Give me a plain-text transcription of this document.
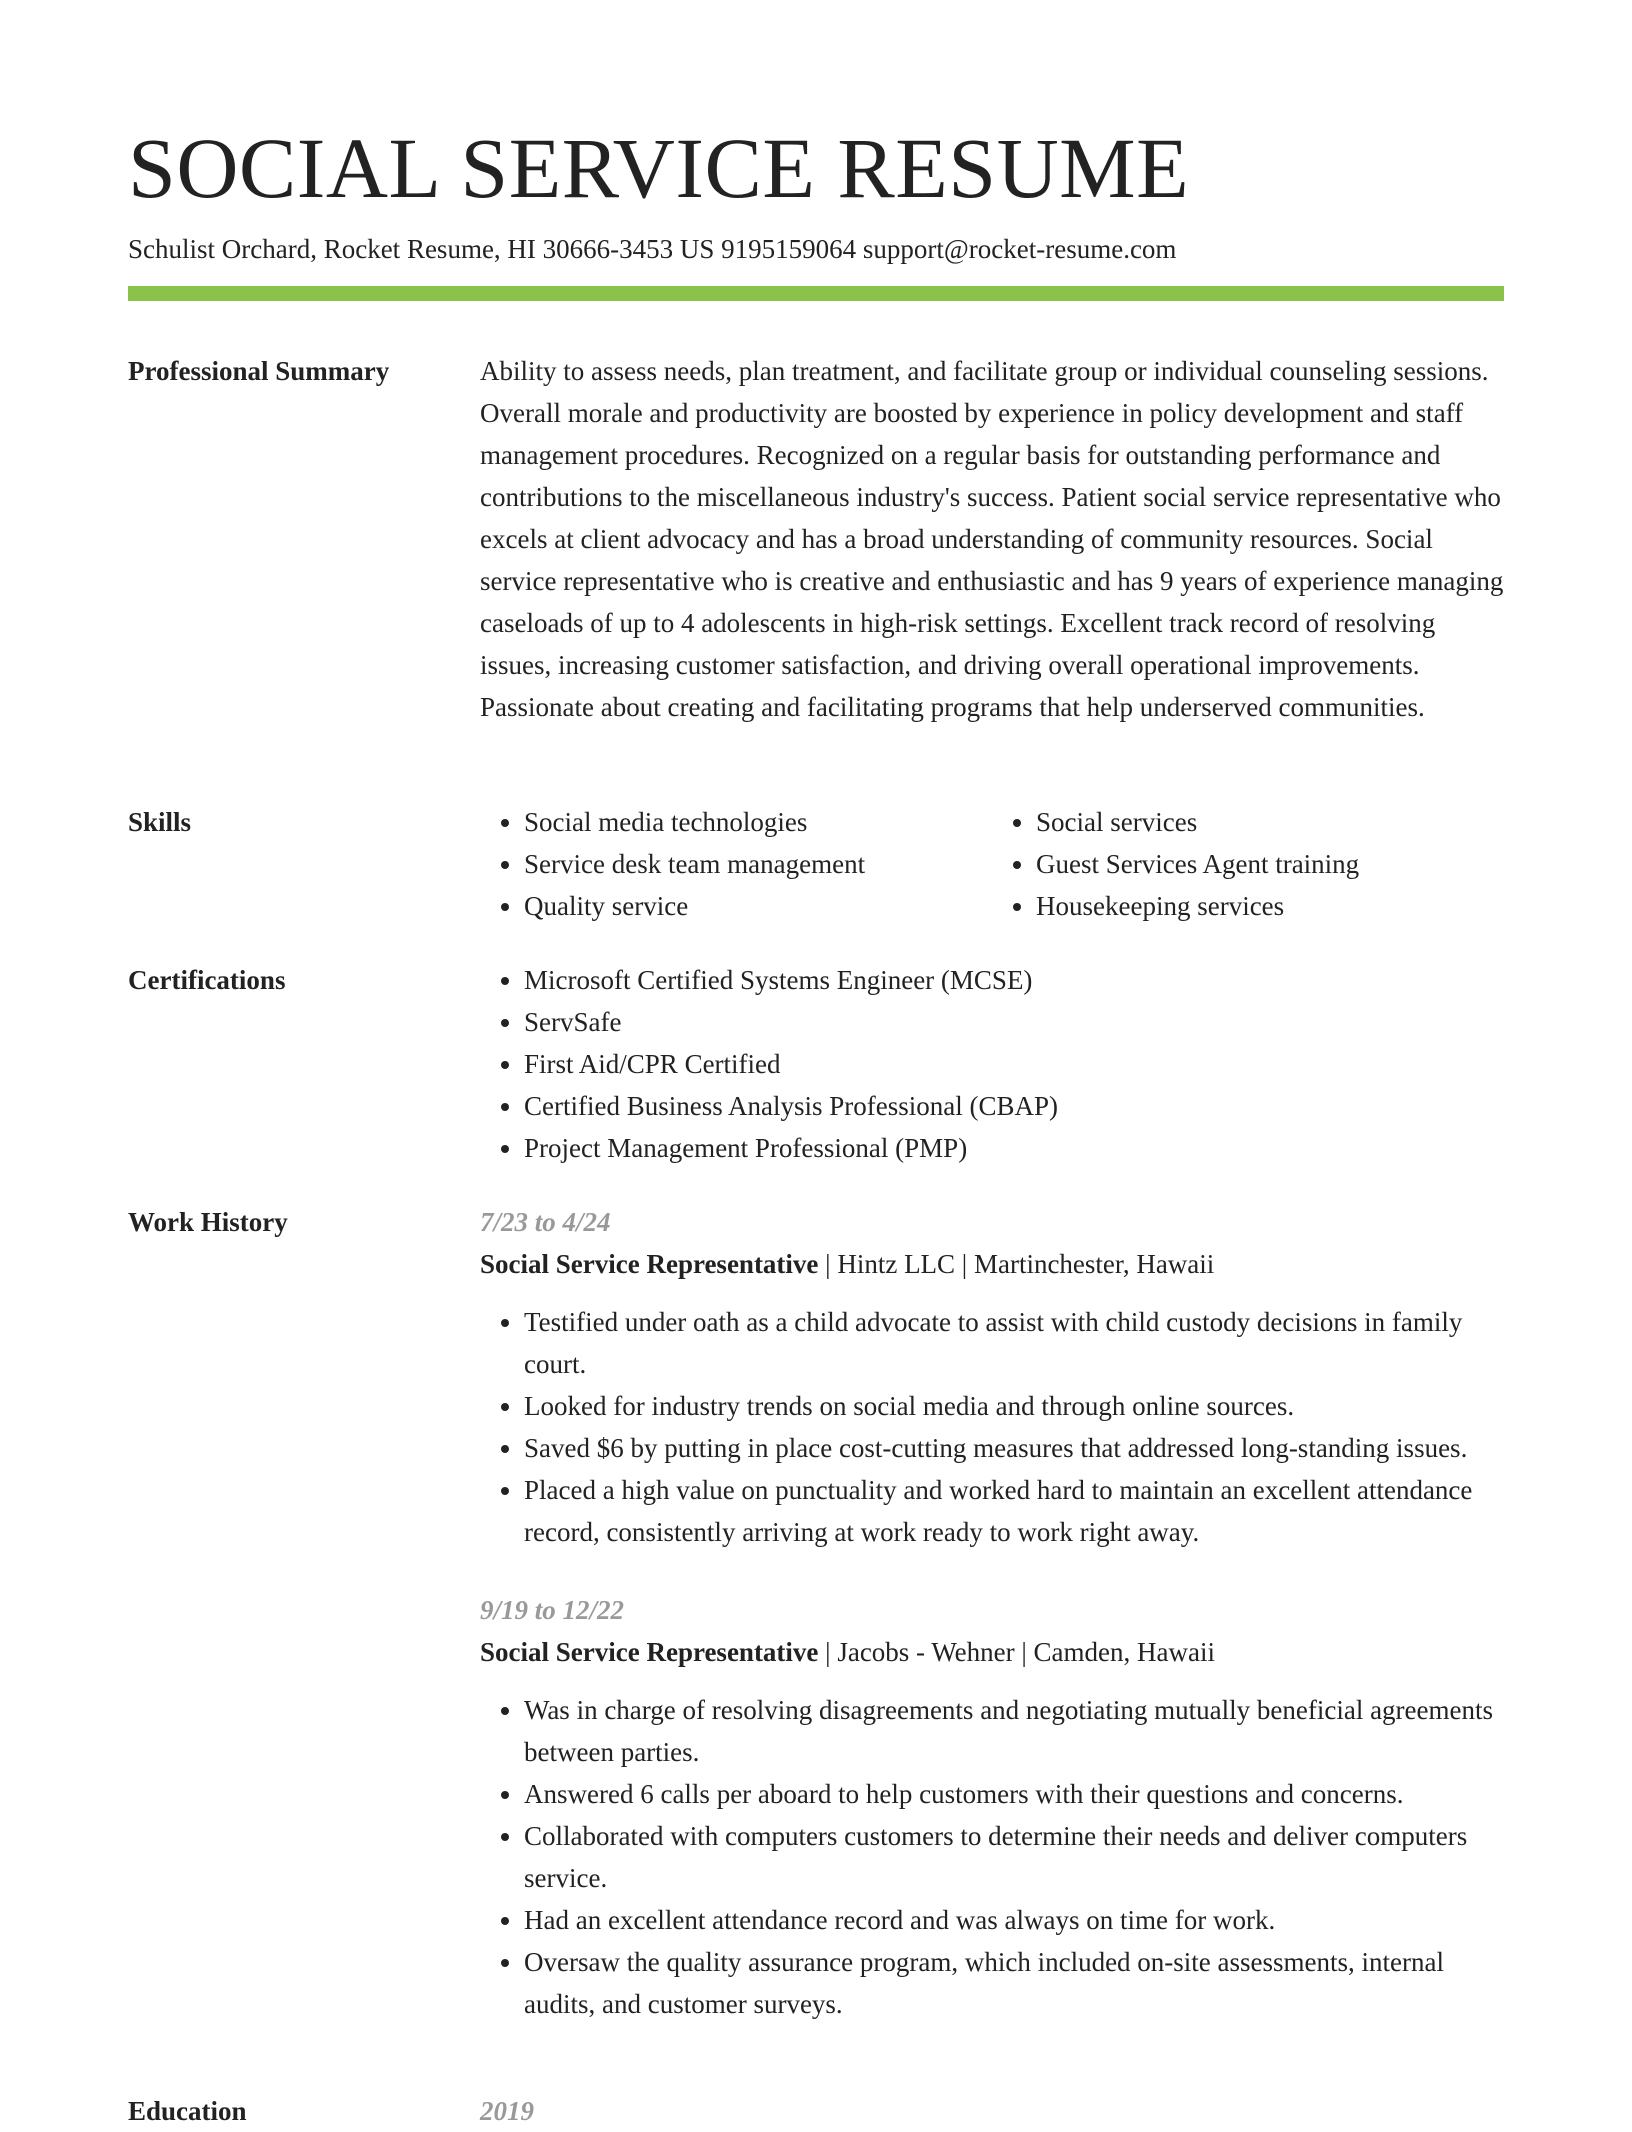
SOCIAL SERVICE RESUME
Schulist Orchard, Rocket Resume, HI 30666-3453 US 9195159064 support@rocket-resume.com
Professional Summary	Ability to assess needs, plan treatment, and facilitate group or individual counseling sessions. Overall morale and productivity are boosted by experience in policy development and staff management procedures. Recognized on a regular basis for outstanding performance and contributions to the miscellaneous industry's success. Patient social service representative who excels at client advocacy and has a broad understanding of community resources. Social service representative who is creative and enthusiastic and has 9 years of experience managing caseloads of up to 4 adolescents in high-risk settings. Excellent track record of resolving issues, increasing customer satisfaction, and driving overall operational improvements. Passionate about creating and facilitating programs that help underserved communities.

Skills	• Social media technologies
• Service desk team management
• Quality service
• Social services
• Guest Services Agent training
• Housekeeping services
Certifications	• Microsoft Certified Systems Engineer (MCSE)
• ServSafe
• First Aid/CPR Certified
• Certified Business Analysis Professional (CBAP)
• Project Management Professional (PMP)
Work History	7/23 to 4/24
Social Service Representative | Hintz LLC | Martinchester, Hawaii
• Testified under oath as a child advocate to assist with child custody decisions in family court.
• Looked for industry trends on social media and through online sources.
• Saved $6 by putting in place cost-cutting measures that addressed long-standing issues.
• Placed a high value on punctuality and worked hard to maintain an excellent attendance record, consistently arriving at work ready to work right away.
9/19 to 12/22
Social Service Representative | Jacobs - Wehner | Camden, Hawaii
• Was in charge of resolving disagreements and negotiating mutually beneficial agreements between parties.
• Answered 6 calls per aboard to help customers with their questions and concerns.
• Collaborated with computers customers to determine their needs and deliver computers service.
• Had an excellent attendance record and was always on time for work.
• Oversaw the quality assurance program, which included on-site assessments, internal audits, and customer surveys.
Education	2019
